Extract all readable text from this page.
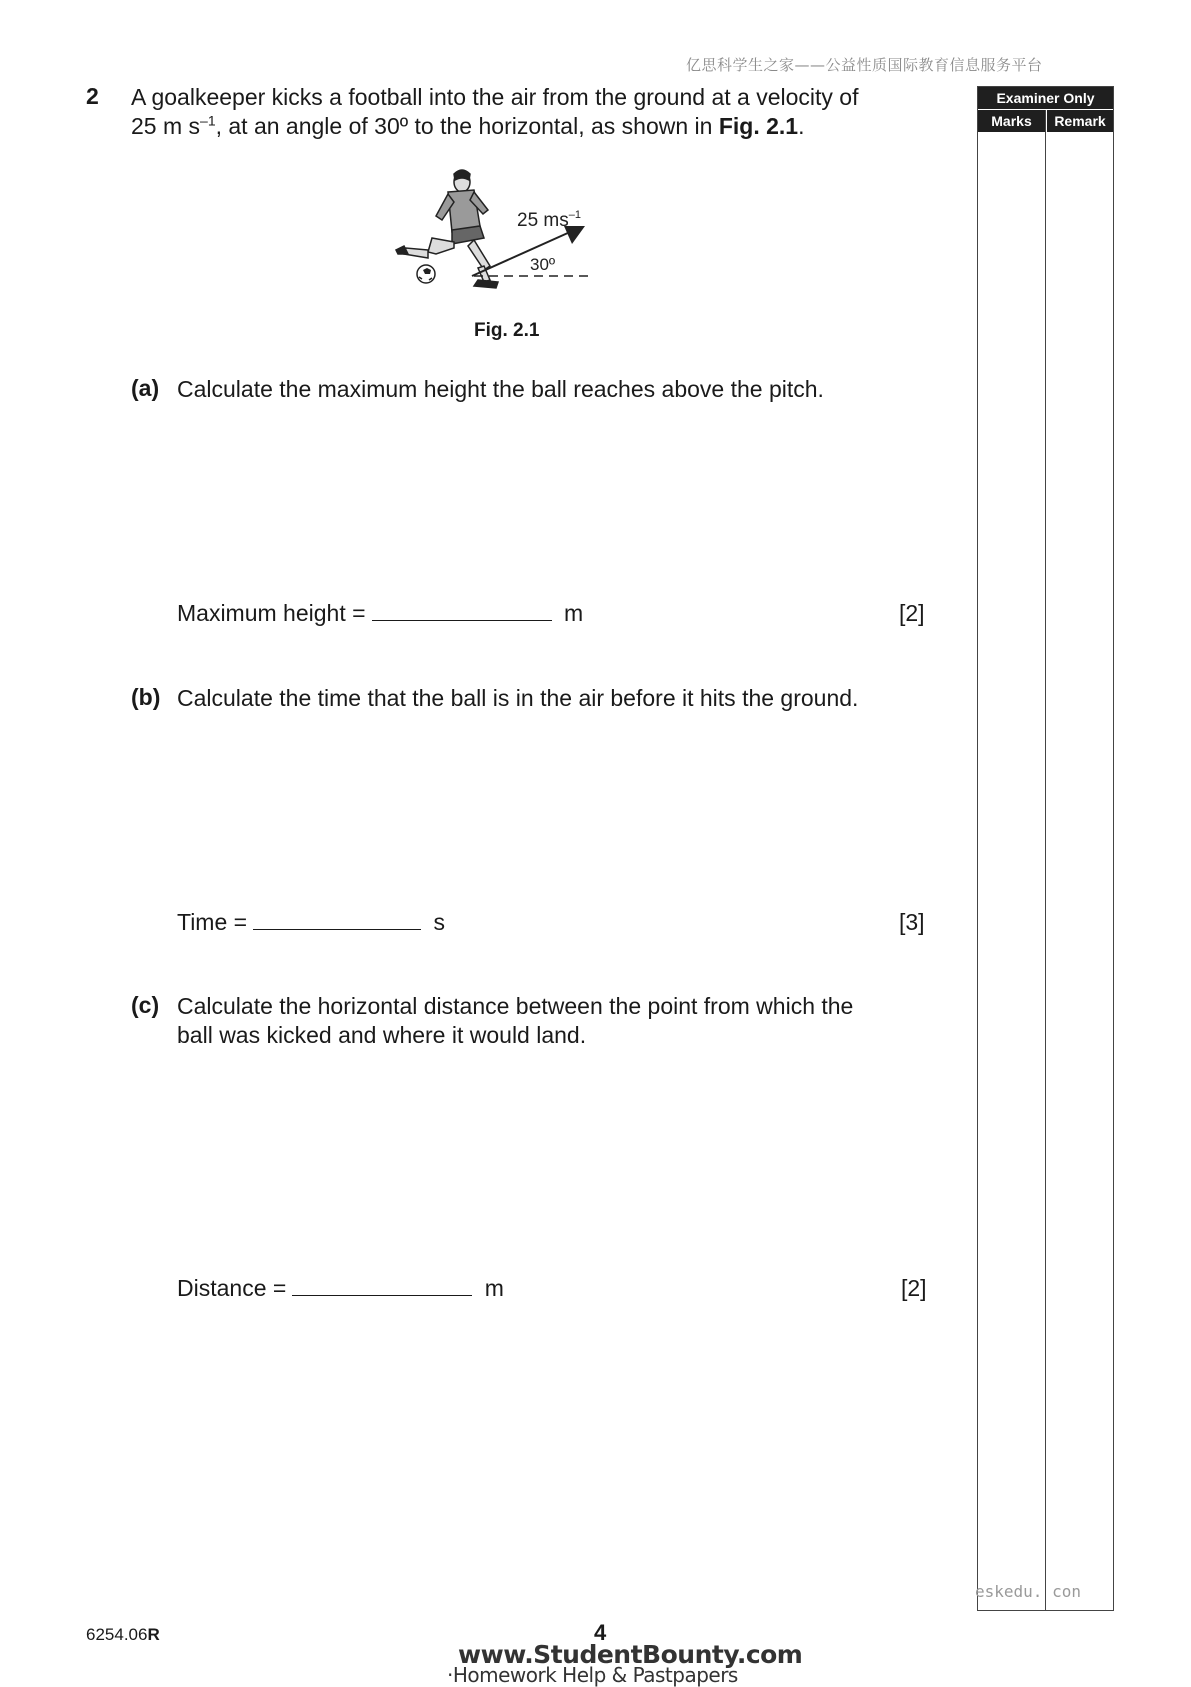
亿思科学生之家——公益性质国际教育信息服务平台
2 A goalkeeper kicks a football into the air from the ground at a velocity of
25 m $s^{-1}$, at an angle of 30º to the horizontal, as shown in Fig. 2.1.
25 $ms^{-1}$
30º
Fig. 2.1
(a) Calculate the maximum height the ball reaches above the pitch.
Maximum height =	m	[2]
(b) Calculate the time that the ball is in the air before it hits the ground.
Time =	s	[3]
(c) Calculate the horizontal distance between the point from which the
ball was kicked and where it would land.
Distance =	m	[2]
Examiner Only
Marks	Remark
eskedu. con
6254.06R	4
www.StudentBounty.com
·Homework Help & Pastpapers
